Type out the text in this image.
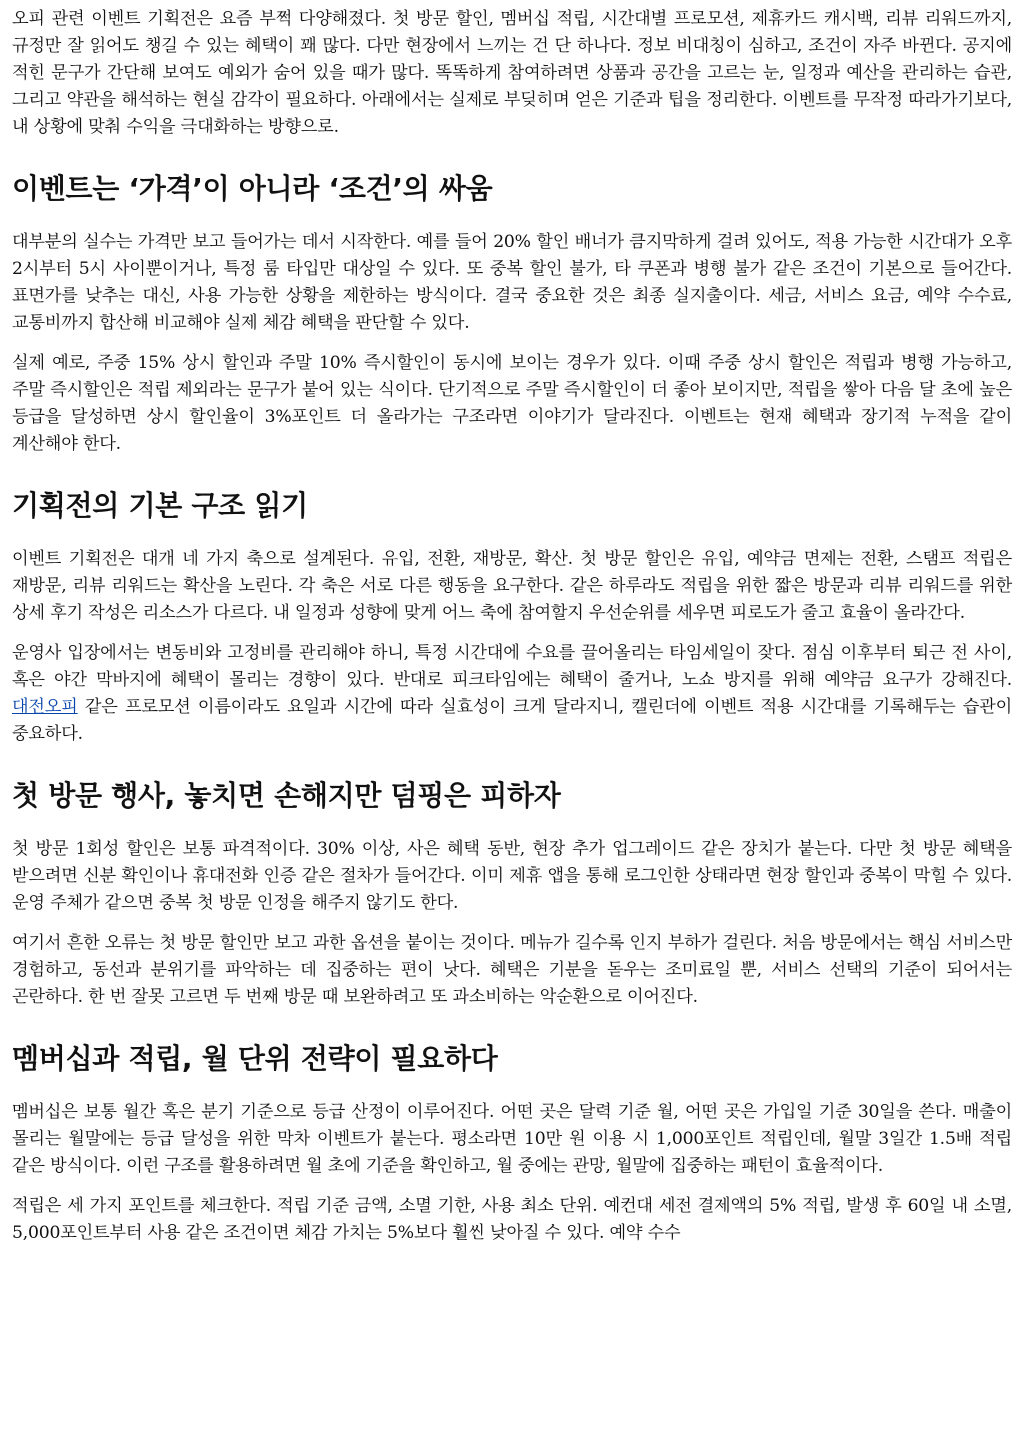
오피 관련 이벤트 기획전은 요즘 부쩍 다양해졌다. 첫 방문 할인, 멤버십 적립, 시간대별 프로모션, 제휴카드 캐시백, 리뷰 리워드까지, 규정만 잘 읽어도 챙길 수 있는 혜택이 꽤 많다. 다만 현장에서 느끼는 건 단 하나다. 정보 비대칭이 심하고, 조건이 자주 바뀐다. 공지에 적힌 문구가 간단해 보여도 예외가 숨어 있을 때가 많다. 똑똑하게 참여하려면 상품과 공간을 고르는 눈, 일정과 예산을 관리하는 습관, 그리고 약관을 해석하는 현실 감각이 필요하다. 아래에서는 실제로 부딪히며 얻은 기준과 팁을 정리한다. 이벤트를 무작정 따라가기보다, 내 상황에 맞춰 수익을 극대화하는 방향으로.

이벤트는 ‘가격’이 아니라 ‘조건’의 싸움

대부분의 실수는 가격만 보고 들어가는 데서 시작한다. 예를 들어 20% 할인 배너가 큼지막하게 걸려 있어도, 적용 가능한 시간대가 오후 2시부터 5시 사이뿐이거나, 특정 룸 타입만 대상일 수 있다. 또 중복 할인 불가, 타 쿠폰과 병행 불가 같은 조건이 기본으로 들어간다. 표면가를 낮추는 대신, 사용 가능한 상황을 제한하는 방식이다. 결국 중요한 것은 최종 실지출이다. 세금, 서비스 요금, 예약 수수료, 교통비까지 합산해 비교해야 실제 체감 혜택을 판단할 수 있다.

실제 예로, 주중 15% 상시 할인과 주말 10% 즉시할인이 동시에 보이는 경우가 있다. 이때 주중 상시 할인은 적립과 병행 가능하고, 주말 즉시할인은 적립 제외라는 문구가 붙어 있는 식이다. 단기적으로 주말 즉시할인이 더 좋아 보이지만, 적립을 쌓아 다음 달 초에 높은 등급을 달성하면 상시 할인율이 3%포인트 더 올라가는 구조라면 이야기가 달라진다. 이벤트는 현재 혜택과 장기적 누적을 같이 계산해야 한다.

기획전의 기본 구조 읽기

이벤트 기획전은 대개 네 가지 축으로 설계된다. 유입, 전환, 재방문, 확산. 첫 방문 할인은 유입, 예약금 면제는 전환, 스탬프 적립은 재방문, 리뷰 리워드는 확산을 노린다. 각 축은 서로 다른 행동을 요구한다. 같은 하루라도 적립을 위한 짧은 방문과 리뷰 리워드를 위한 상세 후기 작성은 리소스가 다르다. 내 일정과 성향에 맞게 어느 축에 참여할지 우선순위를 세우면 피로도가 줄고 효율이 올라간다.

운영사 입장에서는 변동비와 고정비를 관리해야 하니, 특정 시간대에 수요를 끌어올리는 타임세일이 잦다. 점심 이후부터 퇴근 전 사이, 혹은 야간 막바지에 혜택이 몰리는 경향이 있다. 반대로 피크타임에는 혜택이 줄거나, 노쇼 방지를 위해 예약금 요구가 강해진다. 대전오피 같은 프로모션 이름이라도 요일과 시간에 따라 실효성이 크게 달라지니, 캘린더에 이벤트 적용 시간대를 기록해두는 습관이 중요하다.

첫 방문 행사, 놓치면 손해지만 덤핑은 피하자

첫 방문 1회성 할인은 보통 파격적이다. 30% 이상, 사은 혜택 동반, 현장 추가 업그레이드 같은 장치가 붙는다. 다만 첫 방문 혜택을 받으려면 신분 확인이나 휴대전화 인증 같은 절차가 들어간다. 이미 제휴 앱을 통해 로그인한 상태라면 현장 할인과 중복이 막힐 수 있다. 운영 주체가 같으면 중복 첫 방문 인정을 해주지 않기도 한다.

여기서 흔한 오류는 첫 방문 할인만 보고 과한 옵션을 붙이는 것이다. 메뉴가 길수록 인지 부하가 걸린다. 처음 방문에서는 핵심 서비스만 경험하고, 동선과 분위기를 파악하는 데 집중하는 편이 낫다. 혜택은 기분을 돋우는 조미료일 뿐, 서비스 선택의 기준이 되어서는 곤란하다. 한 번 잘못 고르면 두 번째 방문 때 보완하려고 또 과소비하는 악순환으로 이어진다.

멤버십과 적립, 월 단위 전략이 필요하다

멤버십은 보통 월간 혹은 분기 기준으로 등급 산정이 이루어진다. 어떤 곳은 달력 기준 월, 어떤 곳은 가입일 기준 30일을 쓴다. 매출이 몰리는 월말에는 등급 달성을 위한 막차 이벤트가 붙는다. 평소라면 10만 원 이용 시 1,000포인트 적립인데, 월말 3일간 1.5배 적립 같은 방식이다. 이런 구조를 활용하려면 월 초에 기준을 확인하고, 월 중에는 관망, 월말에 집중하는 패턴이 효율적이다.

적립은 세 가지 포인트를 체크한다. 적립 기준 금액, 소멸 기한, 사용 최소 단위. 예컨대 세전 결제액의 5% 적립, 발생 후 60일 내 소멸, 5,000포인트부터 사용 같은 조건이면 체감 가치는 5%보다 훨씬 낮아질 수 있다. 예약 수수
